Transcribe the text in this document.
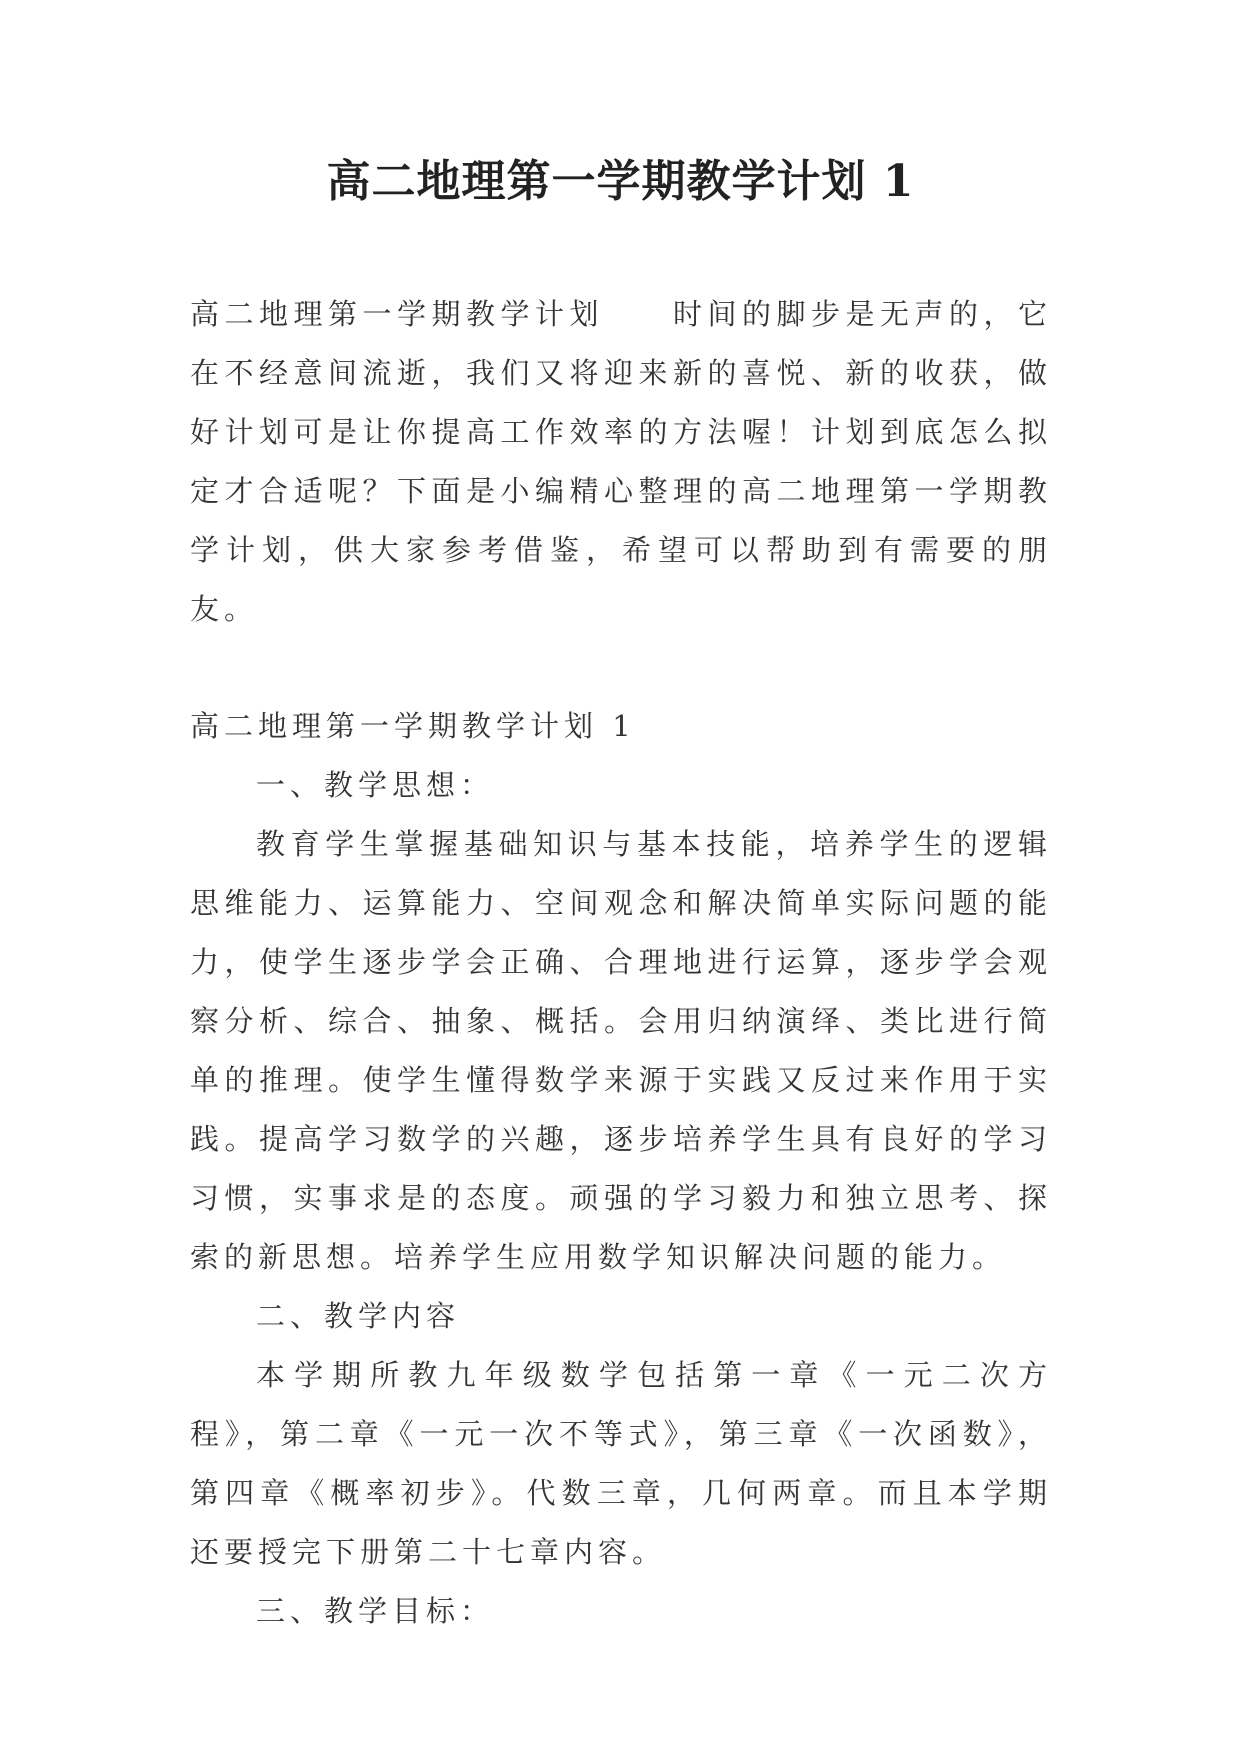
高二地理第一学期教学计划 1

高二地理第一学期教学计划　　时间的脚步是无声的，它在不经意间流逝，我们又将迎来新的喜悦、新的收获，做好计划可是让你提高工作效率的方法喔！计划到底怎么拟定才合适呢？下面是小编精心整理的高二地理第一学期教学计划，供大家参考借鉴，希望可以帮助到有需要的朋友。

高二地理第一学期教学计划 1

一、教学思想：

教育学生掌握基础知识与基本技能，培养学生的逻辑思维能力、运算能力、空间观念和解决简单实际问题的能力，使学生逐步学会正确、合理地进行运算，逐步学会观察分析、综合、抽象、概括。会用归纳演绎、类比进行简单的推理。使学生懂得数学来源于实践又反过来作用于实践。提高学习数学的兴趣，逐步培养学生具有良好的学习习惯，实事求是的态度。顽强的学习毅力和独立思考、探索的新思想。培养学生应用数学知识解决问题的能力。

二、教学内容

本学期所教九年级数学包括第一章《一元二次方程》，第二章《一元一次不等式》，第三章《一次函数》，第四章《概率初步》。代数三章，几何两章。而且本学期还要授完下册第二十七章内容。

三、教学目标：
